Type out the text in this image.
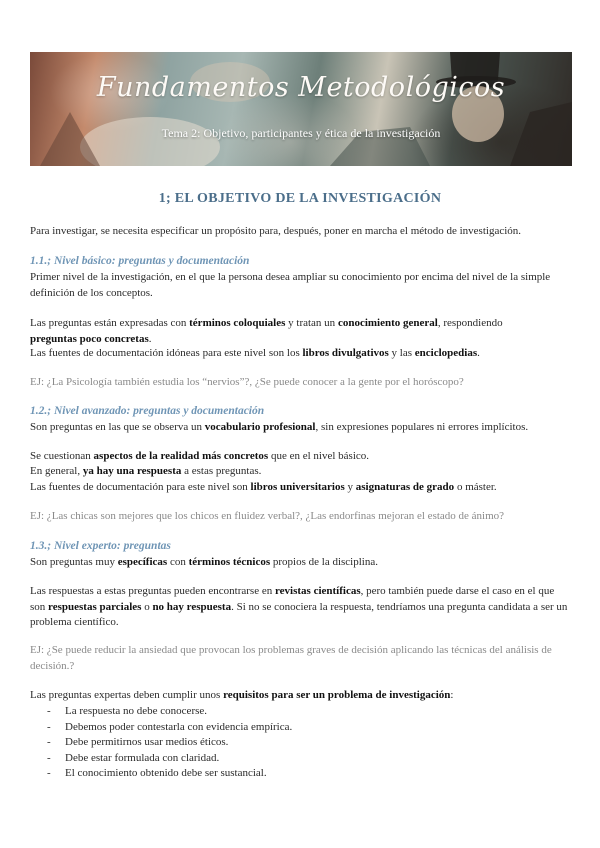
Fundamentos Metodológicos
Tema 2: Objetivo, participantes y ética de la investigación
1; EL OBJETIVO DE LA INVESTIGACIÓN
Para investigar, se necesita especificar un propósito para, después, poner en marcha el método de investigación.
1.1.; Nivel básico: preguntas y documentación
Primer nivel de la investigación, en el que la persona desea ampliar su conocimiento por encima del nivel de la simple definición de los conceptos.
Las preguntas están expresadas con términos coloquiales y tratan un conocimiento general, respondiendo
preguntas poco concretas.
Las fuentes de documentación idóneas para este nivel son los libros divulgativos y las enciclopedias.
EJ: ¿La Psicología también estudia los “nervios”?, ¿Se puede conocer a la gente por el horóscopo?
1.2.; Nivel avanzado: preguntas y documentación
Son preguntas en las que se observa un vocabulario profesional, sin expresiones populares ni errores implícitos.
Se cuestionan aspectos de la realidad más concretos que en el nivel básico.
En general, ya hay una respuesta a estas preguntas.
Las fuentes de documentación para este nivel son libros universitarios y asignaturas de grado o máster.
EJ: ¿Las chicas son mejores que los chicos en fluidez verbal?, ¿Las endorfinas mejoran el estado de ánimo?
1.3.; Nivel experto: preguntas
Son preguntas muy específicas con términos técnicos propios de la disciplina.
Las respuestas a estas preguntas pueden encontrarse en revistas científicas, pero también puede darse el caso en el que son respuestas parciales o no hay respuesta. Si no se conociera la respuesta, tendríamos una pregunta candidata a ser un problema científico.
EJ: ¿Se puede reducir la ansiedad que provocan los problemas graves de decisión aplicando las técnicas del análisis de decisión.?
Las preguntas expertas deben cumplir unos requisitos para ser un problema de investigación:
- La respuesta no debe conocerse.
- Debemos poder contestarla con evidencia empírica.
- Debe permitirnos usar medios éticos.
- Debe estar formulada con claridad.
- El conocimiento obtenido debe ser sustancial.
